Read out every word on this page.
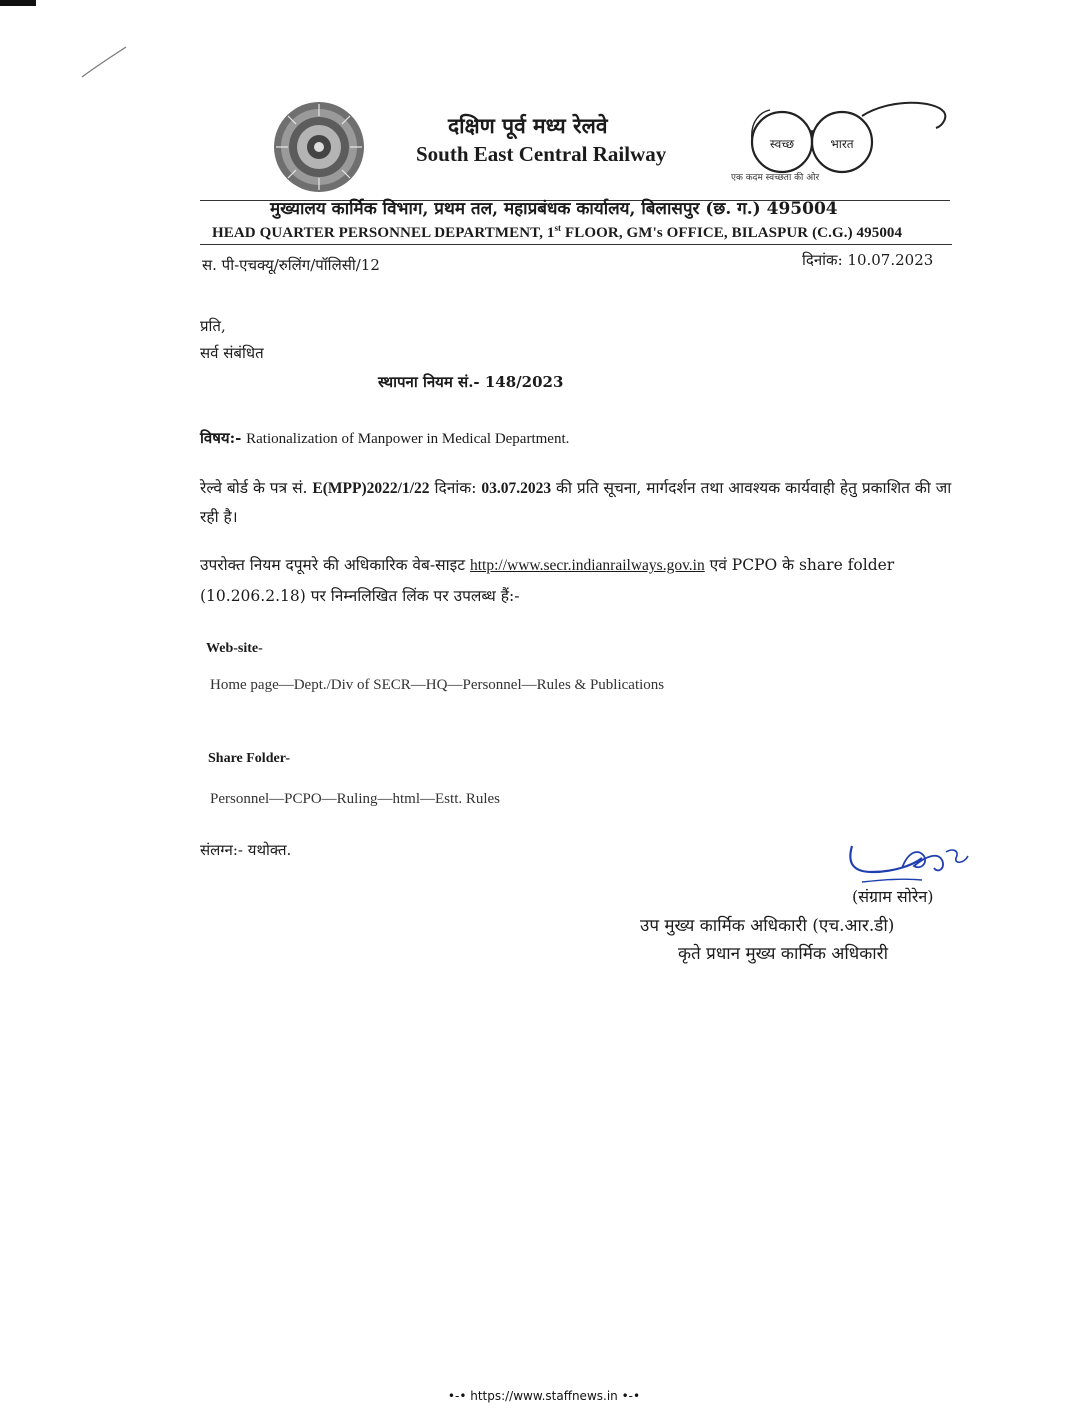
दक्षिण पूर्व मध्य रेलवे
South East Central Railway	स्वच्छ	भारत
एक कदम स्वच्छता की ओर
मुख्यालय कार्मिक विभाग, प्रथम तल, महाप्रबंधक कार्यालय, बिलासपुर (छ. ग.) 495004
HEAD QUARTER PERSONNEL DEPARTMENT, 1st FLOOR, GM's OFFICE, BILASPUR (C.G.) 495004
स. पी-एचक्यू/रुलिंग/पॉलिसी/12	दिनांक: 10.07.2023
प्रति,
सर्व संबंधित
स्थापना नियम सं.- 148/2023
विषय:- Rationalization of Manpower in Medical Department.
रेल्वे बोर्ड के पत्र सं. E(MPP)2022/1/22 दिनांक: 03.07.2023 की प्रति सूचना, मार्गदर्शन तथा आवश्यक कार्यवाही हेतु प्रकाशित की जा रही है।
उपरोक्त नियम दपूमरे की अधिकारिक वेब-साइट http://www.secr.indianrailways.gov.in एवं PCPO के share folder (10.206.2.18) पर निम्नलिखित लिंक पर उपलब्ध हैं:-
Web-site-
Home page—Dept./Div of SECR—HQ—Personnel—Rules & Publications
Share Folder-
Personnel—PCPO—Ruling—html—Estt. Rules
संलग्न:- यथोक्त.
(संग्राम सोरेन)
उप मुख्य कार्मिक अधिकारी (एच.आर.डी)
कृते प्रधान मुख्य कार्मिक अधिकारी
•-• https://www.staffnews.in •-•
